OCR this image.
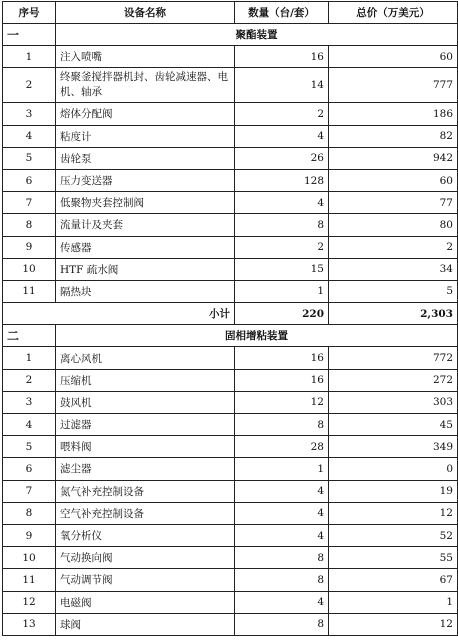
序号	设备名称	数量（台/套）	总价（万美元）
一	聚酯装置		
1	注入喷嘴	16	60
2	终聚釜搅拌器机封、齿轮减速器、电机、轴承	14	777
3	熔体分配阀	2	186
4	粘度计	4	82
5	齿轮泵	26	942
6	压力变送器	128	60
7	低聚物夹套控制阀	4	77
8	流量计及夹套	8	80
9	传感器	2	2
10	HTF 疏水阀	15	34
11	隔热块	1	5
小计		220	2,303
二	固相增粘装置		
1	离心风机	16	772
2	压缩机	16	272
3	鼓风机	12	303
4	过滤器	8	45
5	喂料阀	28	349
6	滤尘器	1	0
7	氮气补充控制设备	4	19
8	空气补充控制设备	4	12
9	氧分析仪	4	52
10	气动换向阀	8	55
11	气动调节阀	8	67
12	电磁阀	4	1
13	球阀	8	12
